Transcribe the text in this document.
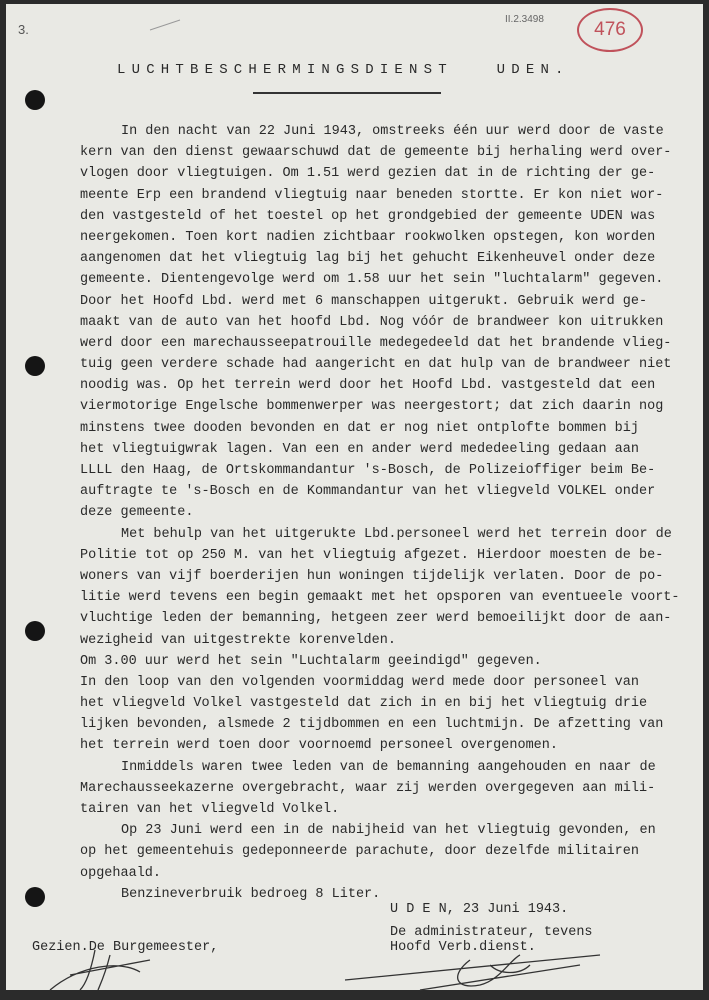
3.
II.2.3498	476
LUCHTBESCHERMINGSDIENST   UDEN.
In den nacht van 22 Juni 1943, omstreeks één uur werd door de vaste
kern van den dienst gewaarschuwd dat de gemeente bij herhaling werd over-
vlogen door vliegtuigen. Om 1.51 werd gezien dat in de richting der ge-
meente Erp een brandend vliegtuig naar beneden stortte. Er kon niet wor-
den vastgesteld of het toestel op het grondgebied der gemeente UDEN was
neergekomen. Toen kort nadien zichtbaar rookwolken opstegen, kon worden
aangenomen dat het vliegtuig lag bij het gehucht Eikenheuvel onder deze
gemeente. Dientengevolge werd om 1.58 uur het sein "luchtalarm" gegeven.
Door het Hoofd Lbd. werd met 6 manschappen uitgerukt. Gebruik werd ge-
maakt van de auto van het hoofd Lbd. Nog vóór de brandweer kon uitrukken
werd door een marechausseepatrouille medegedeeld dat het brandende vlieg-
tuig geen verdere schade had aangericht en dat hulp van de brandweer niet
noodig was. Op het terrein werd door het Hoofd Lbd. vastgesteld dat een
viermotorige Engelsche bommenwerper was neergestort; dat zich daarin nog
minstens twee dooden bevonden en dat er nog niet ontplofte bommen bij
het vliegtuigwrak lagen. Van een en ander werd mededeeling gedaan aan
LLLL den Haag, de Ortskommandantur 's-Bosch, de Polizeioffiger beim Be-
auftragte te 's-Bosch en de Kommandantur van het vliegveld VOLKEL onder
deze gemeente.
Met behulp van het uitgerukte Lbd.personeel werd het terrein door de
Politie tot op 250 M. van het vliegtuig afgezet. Hierdoor moesten de be-
woners van vijf boerderijen hun woningen tijdelijk verlaten. Door de po-
litie werd tevens een begin gemaakt met het opsporen van eventueele voort-
vluchtige leden der bemanning, hetgeen zeer werd bemoeilijkt door de aan-
wezigheid van uitgestrekte korenvelden.
Om 3.00 uur werd het sein "Luchtalarm geeindigd" gegeven.
In den loop van den volgenden voormiddag werd mede door personeel van
het vliegveld Volkel vastgesteld dat zich in en bij het vliegtuig drie
lijken bevonden, alsmede 2 tijdbommen en een luchtmijn. De afzetting van
het terrein werd toen door voornoemd personeel overgenomen.
Inmiddels waren twee leden van de bemanning aangehouden en naar de
Marechausseekazerne overgebracht, waar zij werden overgegeven aan mili-
tairen van het vliegveld Volkel.
Op 23 Juni werd een in de nabijheid van het vliegtuig gevonden, en
op het gemeentehuis gedeponneerde parachute, door dezelfde militairen
opgehaald.
Benzineverbruik bedroeg 8 Liter.
U D E N, 23 Juni 1943.
De administrateur, tevens
Hoofd Verb.dienst.
Gezien.De Burgemeester,
